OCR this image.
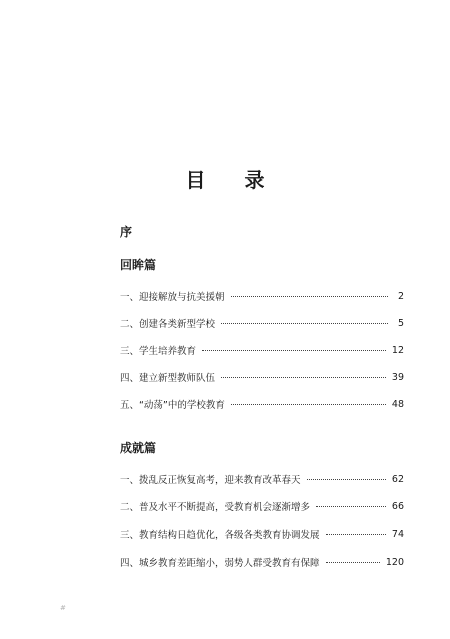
目 录
序
回眸篇
一、 迎接解放与抗美援朝	2
二、 创建各类新型学校	5
三、 学生培养教育	12
四、 建立新型教师队伍	39
五、 “动荡”中的学校教育	48
成就篇
一、 拨乱反正恢复高考，迎来教育改革春天	62
二、 普及水平不断提高，受教育机会逐渐增多	66
三、 教育结构日趋优化，各级各类教育协调发展	74
四、 城乡教育差距缩小，弱势人群受教育有保障	120
#
